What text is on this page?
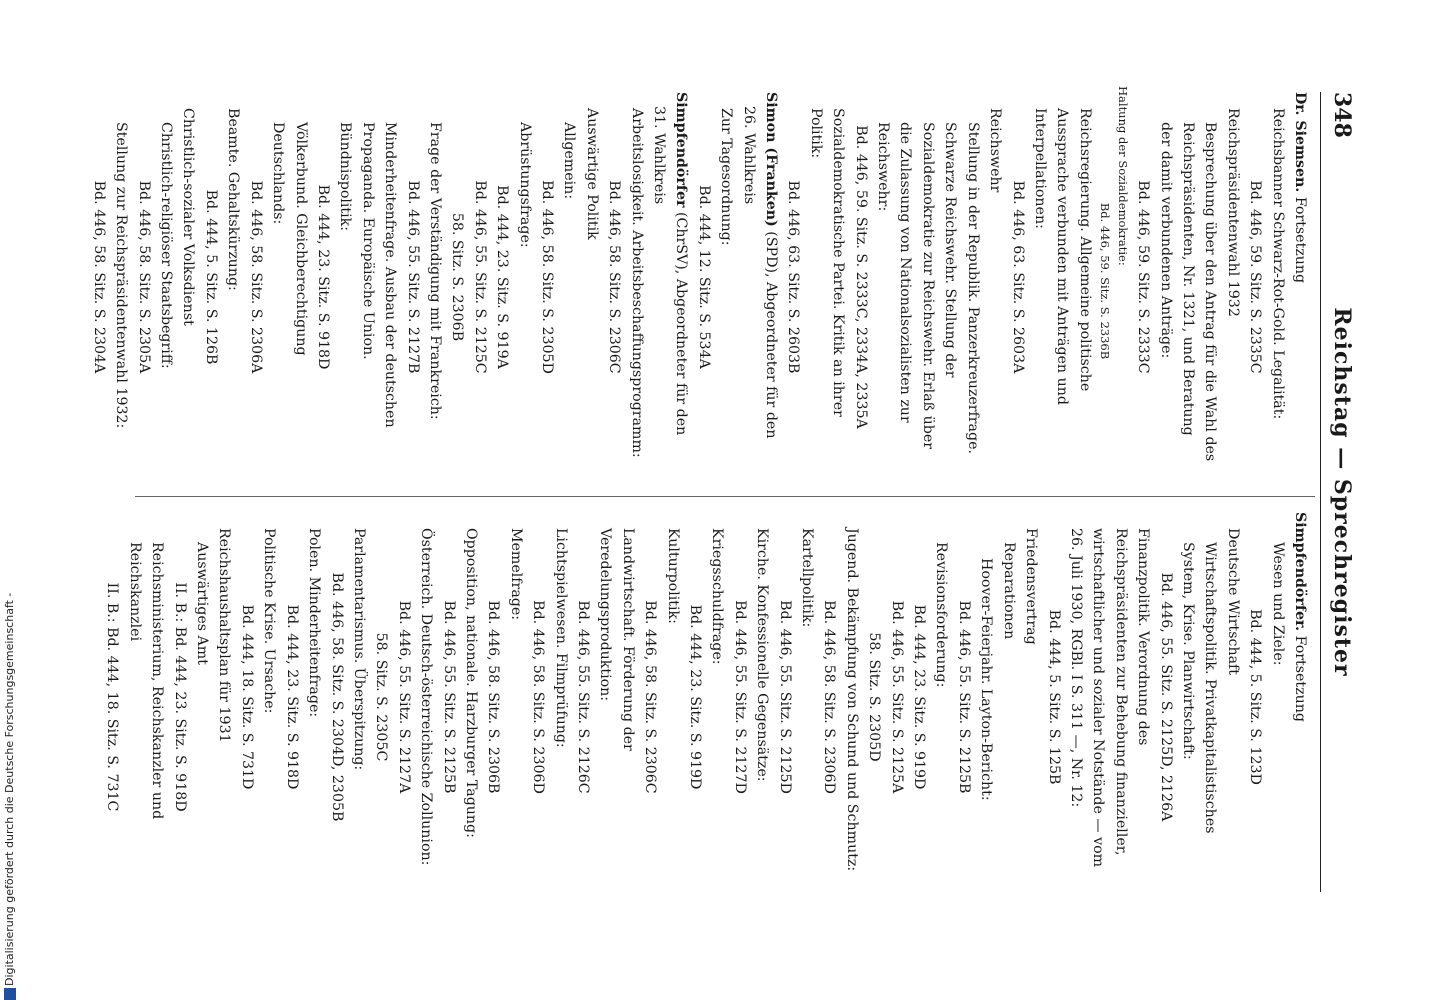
348
Reichstag — Sprechregister

Dr. Siemsen. Fortsetzung

Reichsbanner Schwarz-Rot-Gold. Legalität:

Bd. 446, 59. Sitz. S. 2335C

Reichspräsidentenwahl 1932

Besprechung über den Antrag für die Wahl des Reichspräsidenten, Nr. 1321, und Beratung der damit verbundenen Anträge:

Bd. 446, 59. Sitz. S. 2333C

Haltung der Sozialdemokratie:

Bd. 446, 59. Sitz. S. 2336B

Reichsregierung. Allgemeine politische Aussprache verbunden mit Anträgen und Interpellationen:

Bd. 446, 63. Sitz. S. 2603A

Reichswehr

Stellung in der Republik. Panzerkreuzerfrage. Schwarze Reichswehr. Stellung der Sozialdemokratie zur Reichswehr. Erlaß über die Zulassung von Nationalsozialisten zur Reichswehr:

Bd. 446, 59. Sitz. S. 2333C, 2334A, 2335A

Sozialdemokratische Partei. Kritik an ihrer Politik:

Bd. 446, 63. Sitz. S. 2603B

Simon (Franken) (SPD), Abgeordneter für den 26. Wahlkreis

Zur Tagesordnung:

Bd. 444, 12. Sitz. S. 534A

Simpfendörfer (ChrSV), Abgeordneter für den 31. Wahlkreis

Arbeitslosigkeit. Arbeitsbeschaffungsprogramm:

Bd. 446, 58. Sitz. S. 2306C

Auswärtige Politik

Allgemein:

Bd. 446, 58. Sitz. S. 2305D

Abrüstungsfrage:

Bd. 444, 23. Sitz. S. 919A

Bd. 446, 55. Sitz. S. 2125C

58. Sitz. S. 2306B

Frage der Verständigung mit Frankreich:

Bd. 446, 55. Sitz. S. 2127B

Minderheitenfrage. Ausbau der deutschen Propaganda. Europäische Union. Bündnispolitik:

Bd. 444, 23. Sitz. S. 918D

Völkerbund. Gleichberechtigung Deutschlands:

Bd. 446, 58. Sitz. S. 2306A

Beamte. Gehaltskürzung:

Bd. 444, 5. Sitz. S. 126B

Christlich-sozialer Volksdienst

Christlich-religiöser Staatsbegriff:

Bd. 446, 58. Sitz. S. 2305A

Stellung zur Reichspräsidentenwahl 1932:

Bd. 446, 58. Sitz. S. 2304A

Simpfendörfer. Fortsetzung

Wesen und Ziele:

Bd. 444, 5. Sitz. S. 123D

Deutsche Wirtschaft

Wirtschaftspolitik. Privatkapitalistisches System, Krise. Planwirtschaft:

Bd. 446, 55. Sitz. S. 2125D, 2126A

Finanzpolitik. Verordnung des Reichspräsidenten zur Behebung finanzieller, wirtschaftlicher und sozialer Notstände — vom 26. Juli 1930, RGBl. I S. 311 —, Nr. 12:

Bd. 444, 5. Sitz. S. 125B

Friedensvertrag

Reparationen

Hoover-Feierjahr. Layton-Bericht:

Bd. 446, 55. Sitz. S. 2125B

Revisionsforderung:

Bd. 444, 23. Sitz. S. 919D

Bd. 446, 55. Sitz. S. 2125A

58. Sitz. S. 2305D

Jugend. Bekämpfung von Schund und Schmutz:

Bd. 446, 58. Sitz. S. 2306D

Kartellpolitik:

Bd. 446, 55. Sitz. S. 2125D

Kirche. Konfessionelle Gegensätze:

Bd. 446, 55. Sitz. S. 2127D

Kriegsschuldfrage:

Bd. 444, 23. Sitz. S. 919D

Kulturpolitik:

Bd. 446, 58. Sitz. S. 2306C

Landwirtschaft. Förderung der Veredelungsproduktion:

Bd. 446, 55. Sitz. S. 2126C

Lichtspielwesen. Filmprüfung:

Bd. 446, 58. Sitz. S. 2306D

Memelfrage:

Bd. 446, 58. Sitz. S. 2306B

Opposition, nationale. Harzburger Tagung:

Bd. 446, 55. Sitz. S. 2125B

Österreich. Deutsch-österreichische Zollunion:

Bd. 446, 55. Sitz. S. 2127A

58. Sitz. S. 2305C

Parlamentarismus. Überspitzung:

Bd. 446, 58. Sitz. S. 2304D, 2305B

Polen. Minderheitenfrage:

Bd. 444, 23. Sitz. S. 918D

Politische Krise. Ursache:

Bd. 444, 18. Sitz. S. 731D

Reichshaushaltsplan für 1931

Auswärtiges Amt

II. B.: Bd. 444, 23. Sitz. S. 918D

Reichsministerium, Reichskanzler und Reichskanzlei

II. B.: Bd. 444, 18. Sitz. S. 731C

Digitalisierung gefördert durch die Deutsche Forschungsgemeinschaft -
